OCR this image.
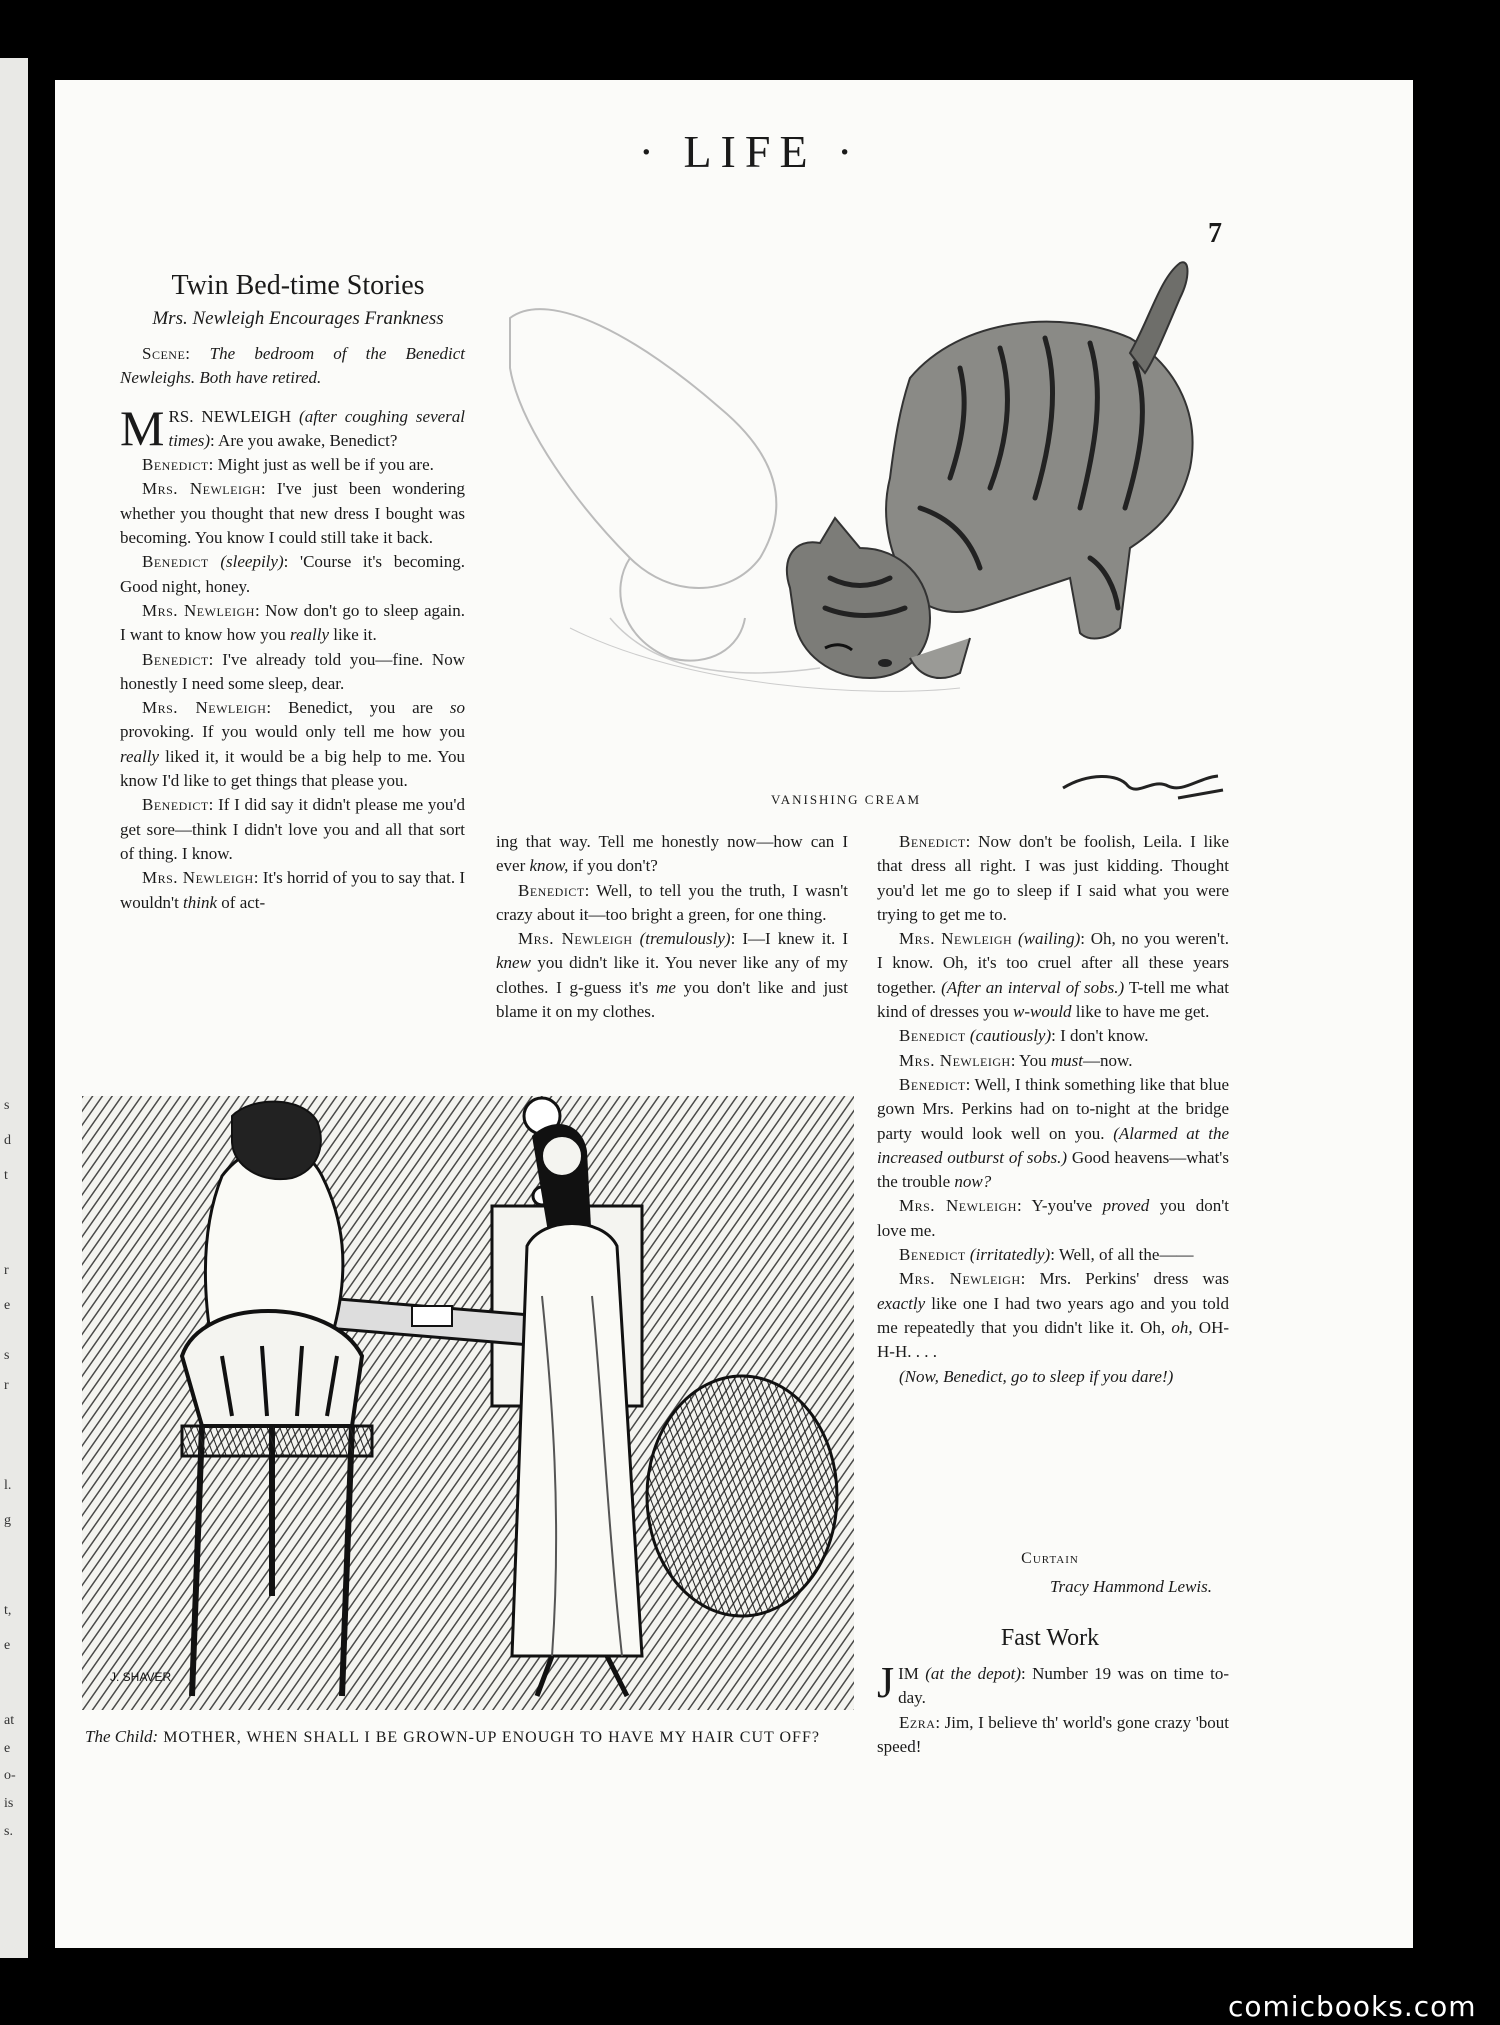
s
d
t
r
e
s
r
l.
g
t,
e
at
e
o-
is
s.
· LIFE ·
7
Twin Bed-time Stories
Mrs. Newleigh Encourages Frankness

Scene: The bedroom of the Benedict Newleighs. Both have retired.

MRS. NEWLEIGH (after coughing several times): Are you awake, Benedict?

Benedict: Might just as well be if you are.

Mrs. Newleigh: I've just been wondering whether you thought that new dress I bought was becoming. You know I could still take it back.

Benedict (sleepily): 'Course it's becoming. Good night, honey.

Mrs. Newleigh: Now don't go to sleep again. I want to know how you really like it.

Benedict: I've already told you—fine. Now honestly I need some sleep, dear.

Mrs. Newleigh: Benedict, you are so provoking. If you would only tell me how you really liked it, it would be a big help to me. You know I'd like to get things that please you.

Benedict: If I did say it didn't please me you'd get sore—think I didn't love you and all that sort of thing. I know.

Mrs. Newleigh: It's horrid of you to say that. I wouldn't think of act-

ing that way. Tell me honestly now—how can I ever know, if you don't?

Benedict: Well, to tell you the truth, I wasn't crazy about it—too bright a green, for one thing.

Mrs. Newleigh (tremulously): I—I knew it. I knew you didn't like it. You never like any of my clothes. I g-guess it's me you don't like and just blame it on my clothes.

Benedict: Now don't be foolish, Leila. I like that dress all right. I was just kidding. Thought you'd let me go to sleep if I said what you were trying to get me to.

Mrs. Newleigh (wailing): Oh, no you weren't. I know. Oh, it's too cruel after all these years together. (After an interval of sobs.) T-tell me what kind of dresses you w-would like to have me get.

Benedict (cautiously): I don't know.

Mrs. Newleigh: You must—now.

Benedict: Well, I think something like that blue gown Mrs. Perkins had on to-night at the bridge party would look well on you. (Alarmed at the increased outburst of sobs.) Good heavens—what's the trouble now?

Mrs. Newleigh: Y-you've proved you don't love me.

Benedict (irritatedly): Well, of all the——

Mrs. Newleigh: Mrs. Perkins' dress was exactly like one I had two years ago and you told me repeatedly that you didn't like it. Oh, oh, OH-H-H. . . .

(Now, Benedict, go to sleep if you dare!)

Curtain
Tracy Hammond Lewis.
Fast Work

JIM (at the depot): Number 19 was on time to-day.

Ezra: Jim, I believe th' world's gone crazy 'bout speed!

VANISHING CREAM
J. SHAVER
The Child: MOTHER, WHEN SHALL I BE GROWN-UP ENOUGH TO HAVE MY HAIR CUT OFF?
comicbooks.com
